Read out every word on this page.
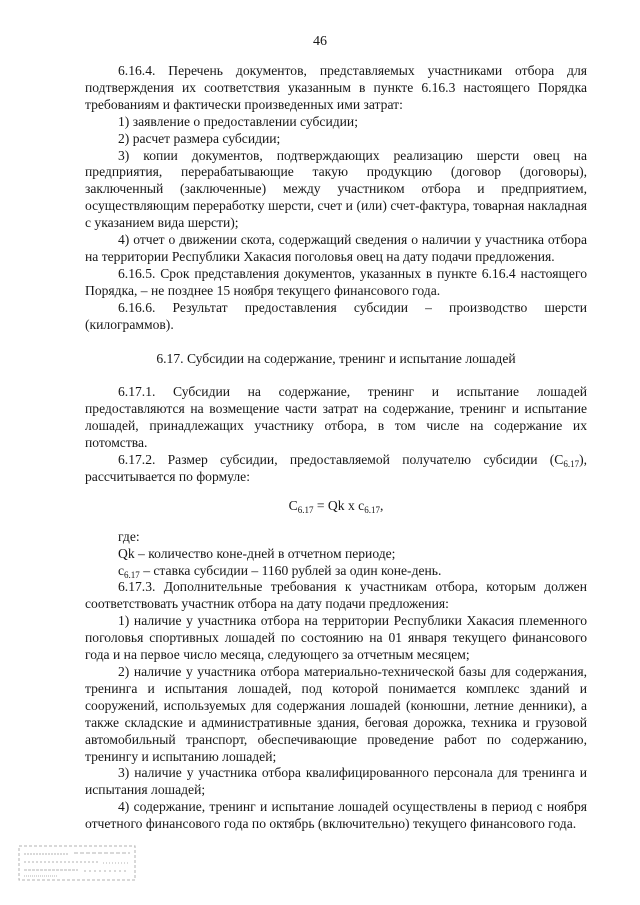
46

6.16.4. Перечень документов, представляемых участниками отбора для подтверждения их соответствия указанным в пункте 6.16.3 настоящего Порядка требованиям и фактически произведенных ими затрат:

1) заявление о предоставлении субсидии;

2) расчет размера субсидии;

3) копии документов, подтверждающих реализацию шерсти овец на предприятия, перерабатывающие такую продукцию (договор (договоры), заключенный (заключенные) между участником отбора и предприятием, осуществляющим переработку шерсти, счет и (или) счет-фактура, товарная накладная с указанием вида шерсти);

4) отчет о движении скота, содержащий сведения о наличии у участника отбора на территории Республики Хакасия поголовья овец на дату подачи предложения.

6.16.5. Срок представления документов, указанных в пункте 6.16.4 настоящего Порядка, – не позднее 15 ноября текущего финансового года.

6.16.6. Результат предоставления субсидии – производство шерсти (килограммов).

6.17. Субсидии на содержание, тренинг и испытание лошадей

6.17.1. Субсидии на содержание, тренинг и испытание лошадей предоставляются на возмещение части затрат на содержание, тренинг и испытание лошадей, принадлежащих участнику отбора, в том числе на содержание их потомства.

6.17.2. Размер субсидии, предоставляемой получателю субсидии $(С_{6.17})$, рассчитывается по формуле:

$С_{6.17} = Qk$ х $с_{6.17}$,

где:

Qk – количество коне-дней в отчетном периоде;

$с_{6.17}$ – ставка субсидии – 1160 рублей за один коне-день.

6.17.3. Дополнительные требования к участникам отбора, которым должен соответствовать участник отбора на дату подачи предложения:

1) наличие у участника отбора на территории Республики Хакасия племенного поголовья спортивных лошадей по состоянию на 01 января текущего финансового года и на первое число месяца, следующего за отчетным месяцем;

2) наличие у участника отбора материально-технической базы для содержания, тренинга и испытания лошадей, под которой понимается комплекс зданий и сооружений, используемых для содержания лошадей (конюшни, летние денники), а также складские и административные здания, беговая дорожка, техника и грузовой автомобильный транспорт, обеспечивающие проведение работ по содержанию, тренингу и испытанию лошадей;

3) наличие у участника отбора квалифицированного персонала для тренинга и испытания лошадей;

4) содержание, тренинг и испытание лошадей осуществлены в период с ноября отчетного финансового года по октябрь (включительно) текущего финансового года.
